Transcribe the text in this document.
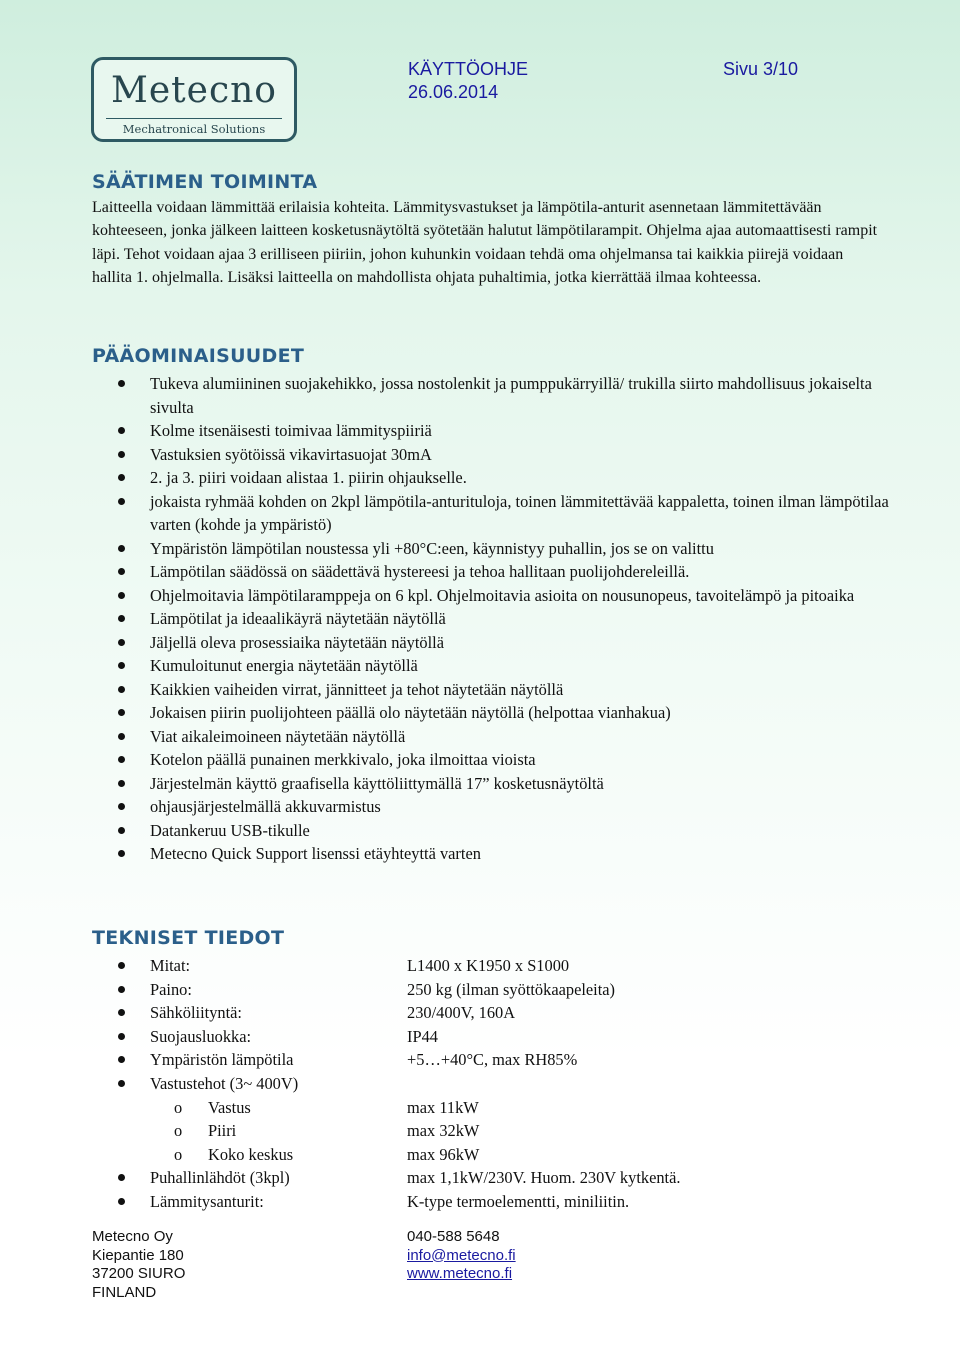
Metecno
Mechatronical Solutions
KÄYTTÖOHJE	Sivu 3/10
26.06.2014
SÄÄTIMEN TOIMINTA

Laitteella voidaan lämmittää erilaisia kohteita. Lämmitysvastukset ja lämpötila-anturit asennetaan lämmitettävään kohteeseen, jonka jälkeen laitteen kosketusnäytöltä syötetään halutut lämpötilarampit. Ohjelma ajaa automaattisesti rampit läpi. Tehot voidaan ajaa 3 erilliseen piiriin, johon kuhunkin voidaan tehdä oma ohjelmansa tai kaikkia piirejä voidaan hallita 1. ohjelmalla. Lisäksi laitteella on mahdollista ohjata puhaltimia, jotka kierrättää ilmaa kohteessa.

PÄÄOMINAISUUDET
Tukeva alumiininen suojakehikko, jossa nostolenkit ja pumppukärryillä/ trukilla siirto mahdollisuus jokaiselta sivulta
Kolme itsenäisesti toimivaa lämmityspiiriä
Vastuksien syötöissä vikavirtasuojat 30mA
2. ja 3. piiri voidaan alistaa 1. piirin ohjaukselle.
jokaista ryhmää kohden on 2kpl lämpötila-anturituloja, toinen lämmitettävää kappaletta, toinen ilman lämpötilaa varten (kohde ja ympäristö)
Ympäristön lämpötilan noustessa yli +80°C:een, käynnistyy puhallin, jos se on valittu
Lämpötilan säädössä on säädettävä hystereesi ja tehoa hallitaan puolijohdereleillä.
Ohjelmoitavia lämpötilaramppeja on 6 kpl. Ohjelmoitavia asioita on nousunopeus, tavoitelämpö ja pitoaika
Lämpötilat ja ideaalikäyrä näytetään näytöllä
Jäljellä oleva prosessiaika näytetään näytöllä
Kumuloitunut energia näytetään näytöllä
Kaikkien vaiheiden virrat, jännitteet ja tehot näytetään näytöllä
Jokaisen piirin puolijohteen päällä olo näytetään näytöllä (helpottaa vianhakua)
Viat aikaleimoineen näytetään näytöllä
Kotelon päällä punainen merkkivalo, joka ilmoittaa vioista
Järjestelmän käyttö graafisella käyttöliittymällä 17” kosketusnäytöltä
ohjausjärjestelmällä akkuvarmistus
Datankeruu USB-tikulle
Metecno Quick Support lisenssi etäyhteyttä varten
TEKNISET TIEDOT
Mitat:	L1400 x K1950 x S1000
Paino:	250 kg (ilman syöttökaapeleita)
Sähköliityntä:	230/400V, 160A
Suojausluokka:	IP44
Ympäristön lämpötila	+5…+40°C, max RH85%
Vastustehot (3~ 400V)
o Vastus	max 11kW
o Piiri	max 32kW
o Koko keskus	max 96kW
Puhallinlähdöt (3kpl)	max 1,1kW/230V. Huom. 230V kytkentä.
Lämmitysanturit:	K-type termoelementti, miniliitin.
Metecno Oy
Kiepantie 180
37200 SIURO
FINLAND
040-588 5648
info@metecno.fi
www.metecno.fi
